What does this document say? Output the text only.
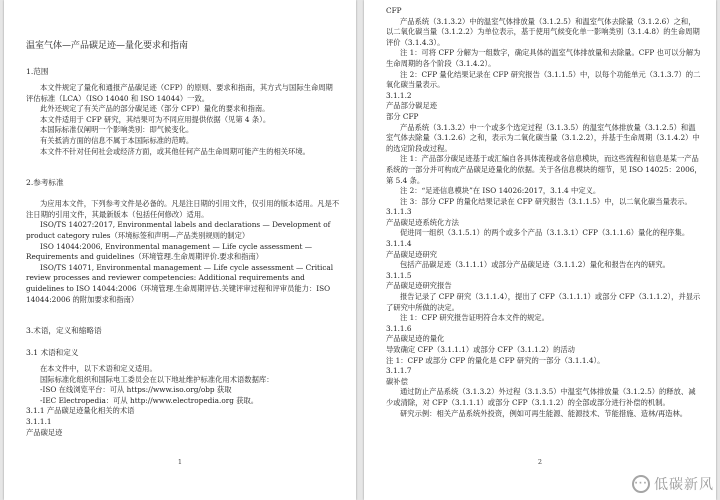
温室气体—产品碳足迹—量化要求和指南

1.范围

本文件规定了量化和通报产品碳足迹（CFP）的原则、要求和指南，其方式与国际生命周期评估标准（LCA）（ISO 14040 和 ISO 14044）一致。

此外还规定了有关产品的部分碳足迹（部分 CFP）量化的要求和指南。

本文件适用于 CFP 研究，其结果可为不同应用提供依据（见第 4 条）。

本国际标准仅阐明一个影响类别：即气候变化。

有关抵消方面的信息不属于本国际标准的范畴。

本文件不针对任何社会或经济方面，或其他任何产品生命周期可能产生的相关环境。

2.参考标准

为应用本文件，下列参考文件是必备的。凡是注日期的引用文件，仅引用的版本适用。凡是不注日期的引用文件，其最新版本（包括任何修改）适用。

ISO/TS 14027:2017, Environmental labels and declarations — Development of product category rules（环境标签和声明—产品类别规则的制定）

ISO 14044:2006, Environmental management — Life cycle assessment — Requirements and guidelines（环境管理.生命周期评价.要求和指南）

ISO/TS 14071, Environmental management — Life cycle assessment — Critical review processes and reviewer competencies: Additional requirements and guidelines to ISO 14044:2006（环境管理.生命周期评估.关键评审过程和评审员能力：ISO 14044:2006 的附加要求和指南）

3.术语，定义和缩略语

3.1 术语和定义

在本文件中，以下术语和定义适用。

国际标准化组织和国际电工委员会在以下地址维护标准化用术语数据库：

-ISO 在线浏览平台：可从 https://www.iso.org/obp 获取

-IEC Electropedia：可从 http://www.electropedia.org 获取。

3.1.1 产品碳足迹量化相关的术语

3.1.1.1

产品碳足迹

1

CFP

产品系统（3.1.3.2）中的温室气体排放量（3.1.2.5）和温室气体去除量（3.1.2.6）之和，以二氧化碳当量（3.1.2.2）为单位表示，基于使用气候变化单一影响类别（3.1.4.8）的生命周期评价（3.1.4.3）。

注 1：可将 CFP 分解为一组数字，确定具体的温室气体排放量和去除量。CFP 也可以分解为生命周期的各个阶段（3.1.4.2）。

注 2：CFP 量化结果记录在 CFP 研究报告（3.1.1.5）中，以每个功能单元（3.1.3.7）的二氧化碳当量表示。

3.1.1.2

产品部分碳足迹

部分 CFP

产品系统（3.1.3.2）中一个或多个选定过程（3.1.3.5）的温室气体排放量（3.1.2.5）和温室气体去除量（3.1.2.6）之和，表示为二氧化碳当量（3.1.2.2），并基于生命周期（3.1.4.2）中的选定阶段或过程。

注 1：产品部分碳足迹基于或汇编自各具体流程或各信息模块，而这些流程和信息是某一产品系统的一部分并可构成产品碳足迹量化的依据。关于各信息模块的细节，见 ISO 14025：2006，第 5.4 条。

注 2：“足迹信息模块”在 ISO 14026:2017，3.1.4 中定义。

注 3：部分 CFP 的量化结果记录在 CFP 研究报告（3.1.1.5）中，以二氧化碳当量表示。

3.1.1.3

产品碳足迹系统化方法

促进同一组织（3.1.5.1）的两个或多个产品（3.1.3.1）CFP（3.1.1.6）量化的程序集。

3.1.1.4

产品碳足迹研究

包括产品碳足迹（3.1.1.1）或部分产品碳足迹（3.1.1.2）量化和报告在内的研究。

3.1.1.5

产品碳足迹研究报告

报告记录了 CFP 研究（3.1.1.4），提出了 CFP（3.1.1.1）或部分 CFP（3.1.1.2），并显示了研究中所做的决定。

注 1：CFP 研究报告证明符合本文件的规定。

3.1.1.6

产品碳足迹的量化

导致确定 CFP（3.1.1.1）或部分 CFP（3.1.1.2）的活动

注 1：CFP 或部分 CFP 的量化是 CFP 研究的一部分（3.1.1.4）。

3.1.1.7

碳补偿

通过防止产品系统（3.1.3.2）外过程（3.1.3.5）中温室气体排放量（3.1.2.5）的释放、减少或清除，对 CFP（3.1.1.1）或部分 CFP（3.1.1.2）的全部或部分进行补偿的机制。

研究示例：相关产品系统外投资，例如可再生能源、能源技术、节能措施、造林/再造林。

2
··· 低碳新风
